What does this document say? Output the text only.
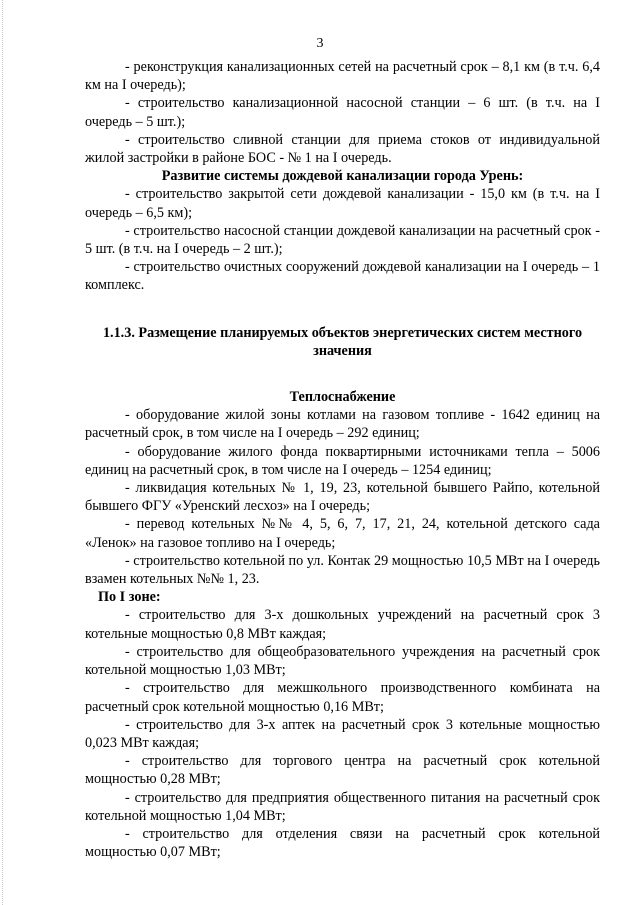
3

- реконструкция канализационных сетей на расчетный срок – 8,1 км (в т.ч. 6,4 км на I очередь);

- строительство канализационной насосной станции – 6 шт. (в т.ч. на I очередь – 5 шт.);

- строительство сливной станции для приема стоков от индивидуальной жилой застройки в районе БОС - № 1 на I очередь.

Развитие системы дождевой канализации города Урень:

- строительство закрытой сети дождевой канализации - 15,0 км (в т.ч. на I очередь – 6,5 км);

- строительство насосной станции дождевой канализации на расчетный срок - 5 шт. (в т.ч. на I очередь – 2 шт.);

- строительство очистных сооружений дождевой канализации на I очередь – 1 комплекс.

1.1.3. Размещение планируемых объектов энергетических систем местного значения

Теплоснабжение

- оборудование жилой зоны котлами на газовом топливе - 1642 единиц на расчетный срок, в том числе на I очередь – 292 единиц;

- оборудование жилого фонда поквартирными источниками тепла – 5006 единиц на расчетный срок, в том числе на I очередь – 1254 единиц;

- ликвидация котельных № 1, 19, 23, котельной бывшего Райпо, котельной бывшего ФГУ «Уренский лесхоз» на I очередь;

- перевод котельных №№ 4, 5, 6, 7, 17, 21, 24, котельной детского сада «Ленок» на газовое топливо на I очередь;

- строительство котельной по ул. Контак 29 мощностью 10,5 МВт на I очередь взамен котельных №№ 1, 23.

По I зоне:

- строительство для 3-х дошкольных учреждений на расчетный срок 3 котельные мощностью 0,8 МВт каждая;

- строительство для общеобразовательного учреждения на расчетный срок котельной мощностью 1,03 МВт;

- строительство для межшкольного производственного комбината на расчетный срок котельной мощностью 0,16 МВт;

- строительство для 3-х аптек на расчетный срок 3 котельные мощностью 0,023 МВт каждая;

- строительство для торгового центра на расчетный срок котельной мощностью 0,28 МВт;

- строительство для предприятия общественного питания на расчетный срок котельной мощностью 1,04 МВт;

- строительство для отделения связи на расчетный срок котельной мощностью 0,07 МВт;
